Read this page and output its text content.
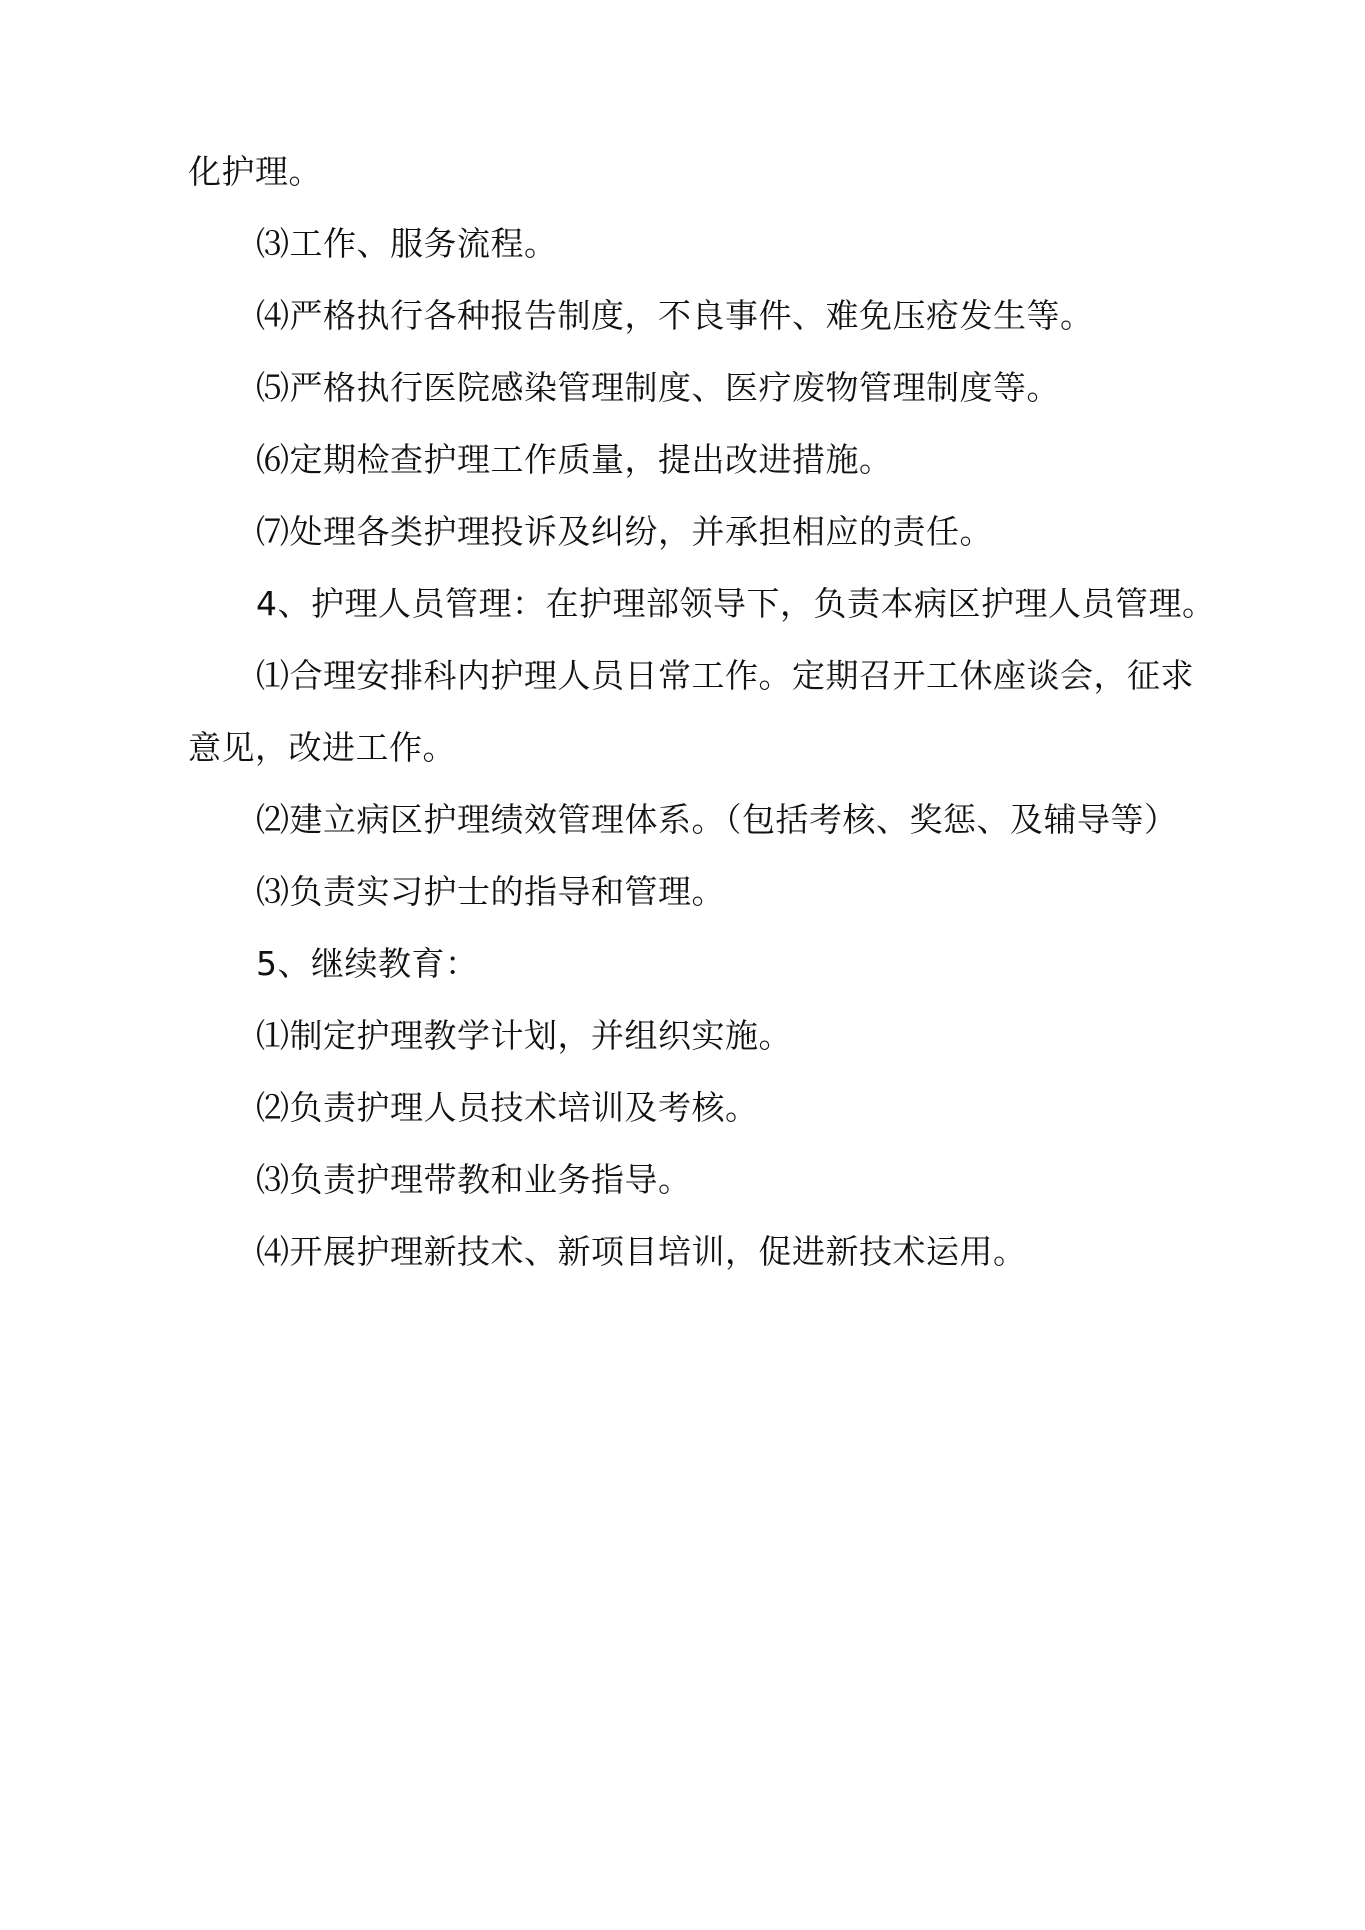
化护理。
⑶工作、服务流程。
⑷严格执行各种报告制度，不良事件、难免压疮发生等。
⑸严格执行医院感染管理制度、医疗废物管理制度等。
⑹定期检查护理工作质量，提出改进措施。
⑺处理各类护理投诉及纠纷，并承担相应的责任。
4、护理人员管理：在护理部领导下，负责本病区护理人员管理。
⑴合理安排科内护理人员日常工作。定期召开工休座谈会，征求
意见，改进工作。
⑵建立病区护理绩效管理体系。（包括考核、奖惩、及辅导等）
⑶负责实习护士的指导和管理。
5、继续教育：
⑴制定护理教学计划，并组织实施。
⑵负责护理人员技术培训及考核。
⑶负责护理带教和业务指导。
⑷开展护理新技术、新项目培训，促进新技术运用。
